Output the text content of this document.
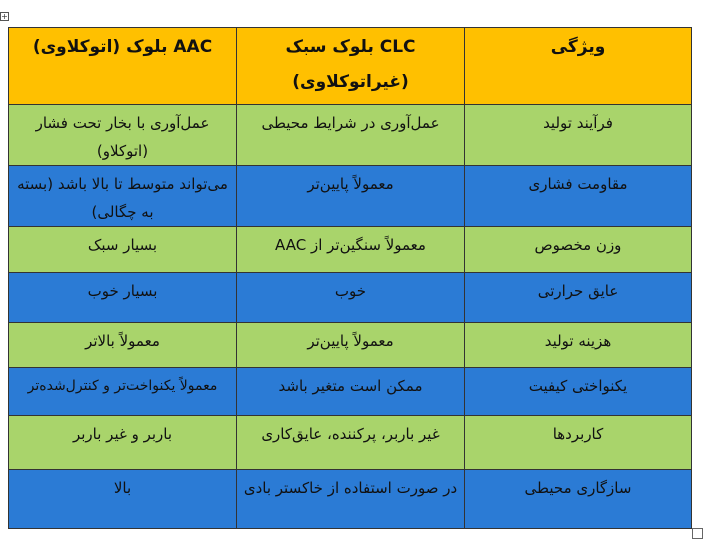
+
ویژگی	CLC بلوک سبک (غیراتوکلاوی)	AAC بلوک (اتوکلاوی)
فرآیند تولید	عمل‌آوری در شرایط محیطی	عمل‌آوری با بخار تحت فشار (اتوکلاو)
مقاومت فشاری	معمولاً پایین‌تر	می‌تواند متوسط تا بالا باشد (بسته به چگالی)
وزن مخصوص	معمولاً سنگین‌تر از AAC	بسیار سبک
عایق حرارتی	خوب	بسیار خوب
هزینه تولید	معمولاً پایین‌تر	معمولاً بالاتر
یکنواختی کیفیت	ممکن است متغیر باشد	معمولاً یکنواخت‌تر و کنترل‌شده‌تر
کاربردها	غیر باربر، پرکننده، عایق‌کاری	باربر و غیر باربر
سازگاری محیطی	در صورت استفاده از خاکستر بادی	بالا
